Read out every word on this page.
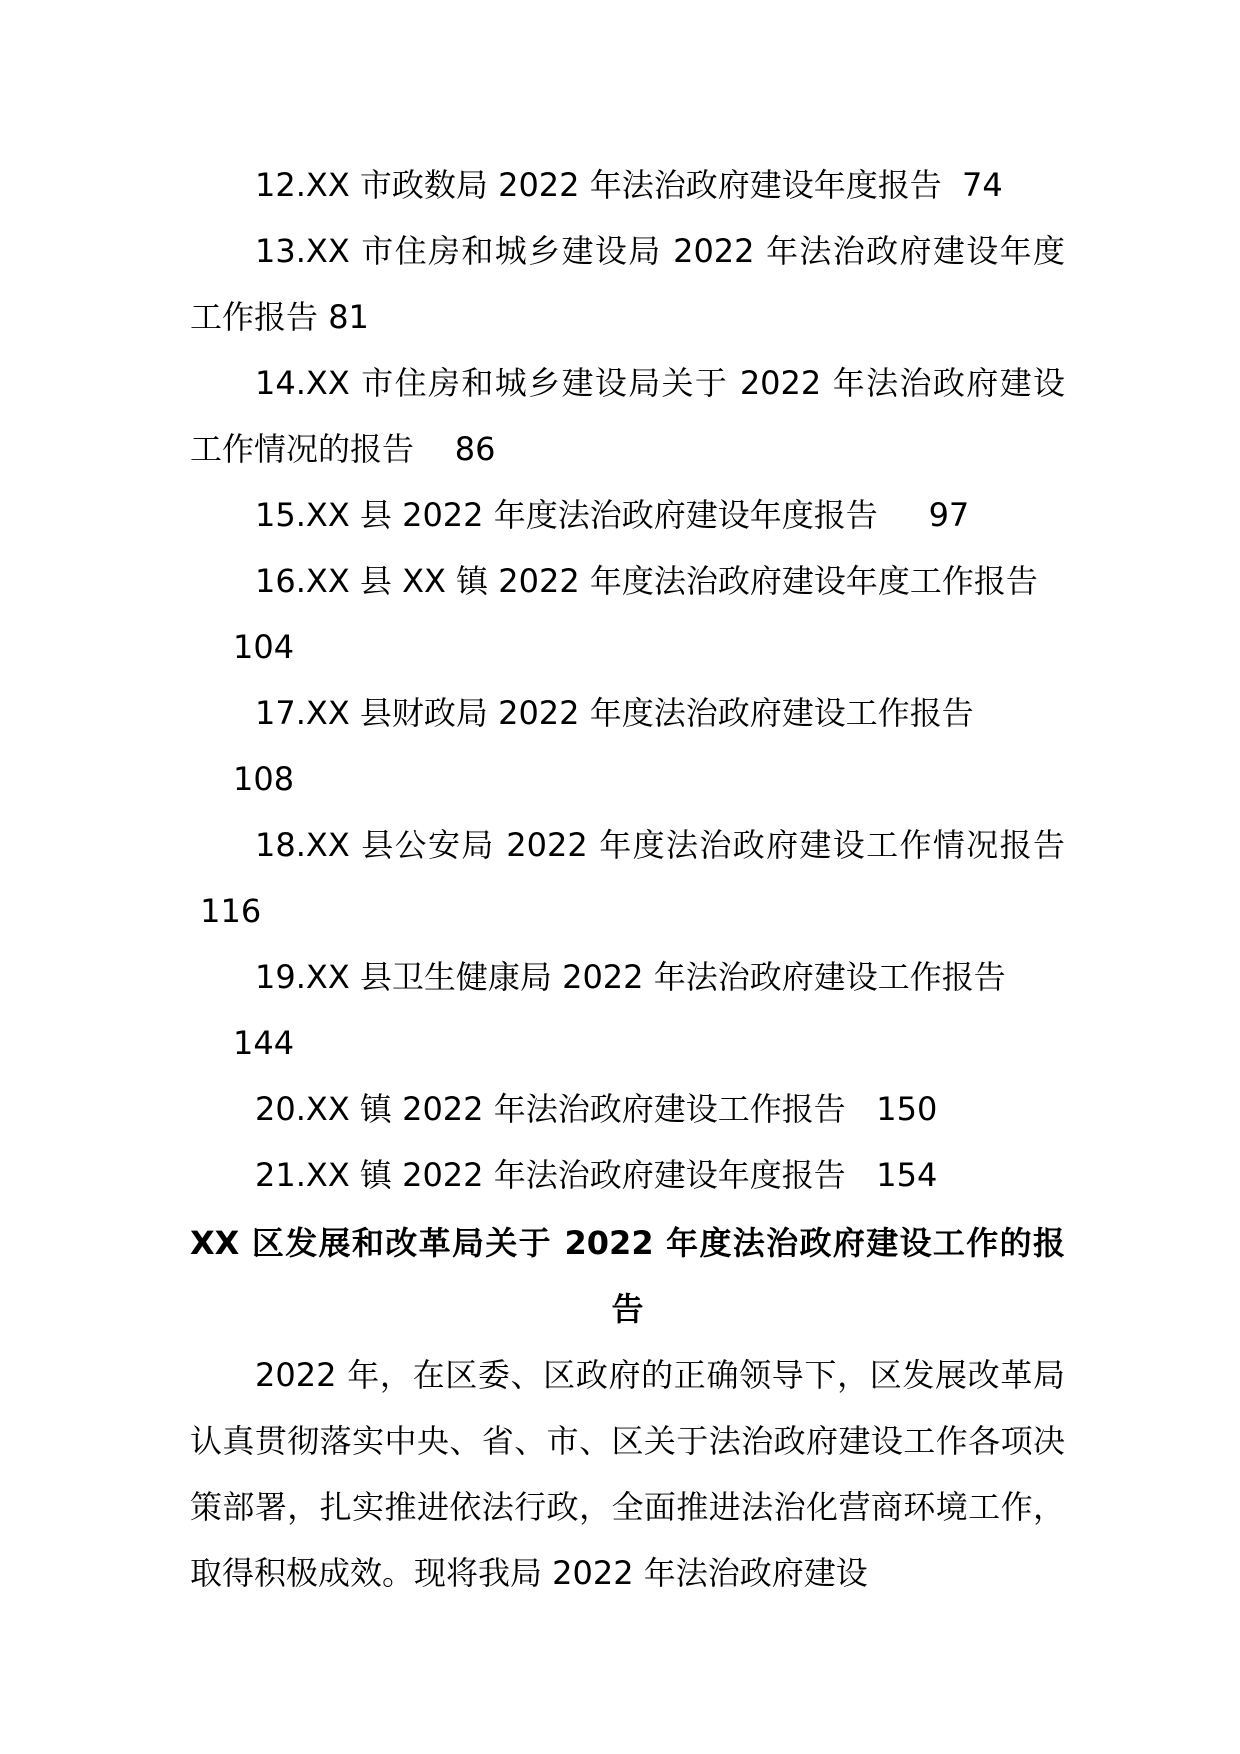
12.XX 市政数局 2022 年法治政府建设年度报告 74

13.XX 市住房和城乡建设局 2022 年法治政府建设年度工作报告 81

14.XX 市住房和城乡建设局关于 2022 年法治政府建设工作情况的报告 86

15.XX 县 2022 年度法治政府建设年度报告 97

16.XX 县 XX 镇 2022 年度法治政府建设年度工作报告
104

17.XX 县财政局 2022 年度法治政府建设工作报告
108

18.XX 县公安局 2022 年度法治政府建设工作情况报告 116

19.XX 县卫生健康局 2022 年法治政府建设工作报告
144

20.XX 镇 2022 年法治政府建设工作报告 150

21.XX 镇 2022 年法治政府建设年度报告 154

XX 区发展和改革局关于 2022 年度法治政府建设工作的报告

2022 年，在区委、区政府的正确领导下，区发展改革局认真贯彻落实中央、省、市、区关于法治政府建设工作各项决策部署，扎实推进依法行政，全面推进法治化营商环境工作，取得积极成效。现将我局 2022 年法治政府建设
